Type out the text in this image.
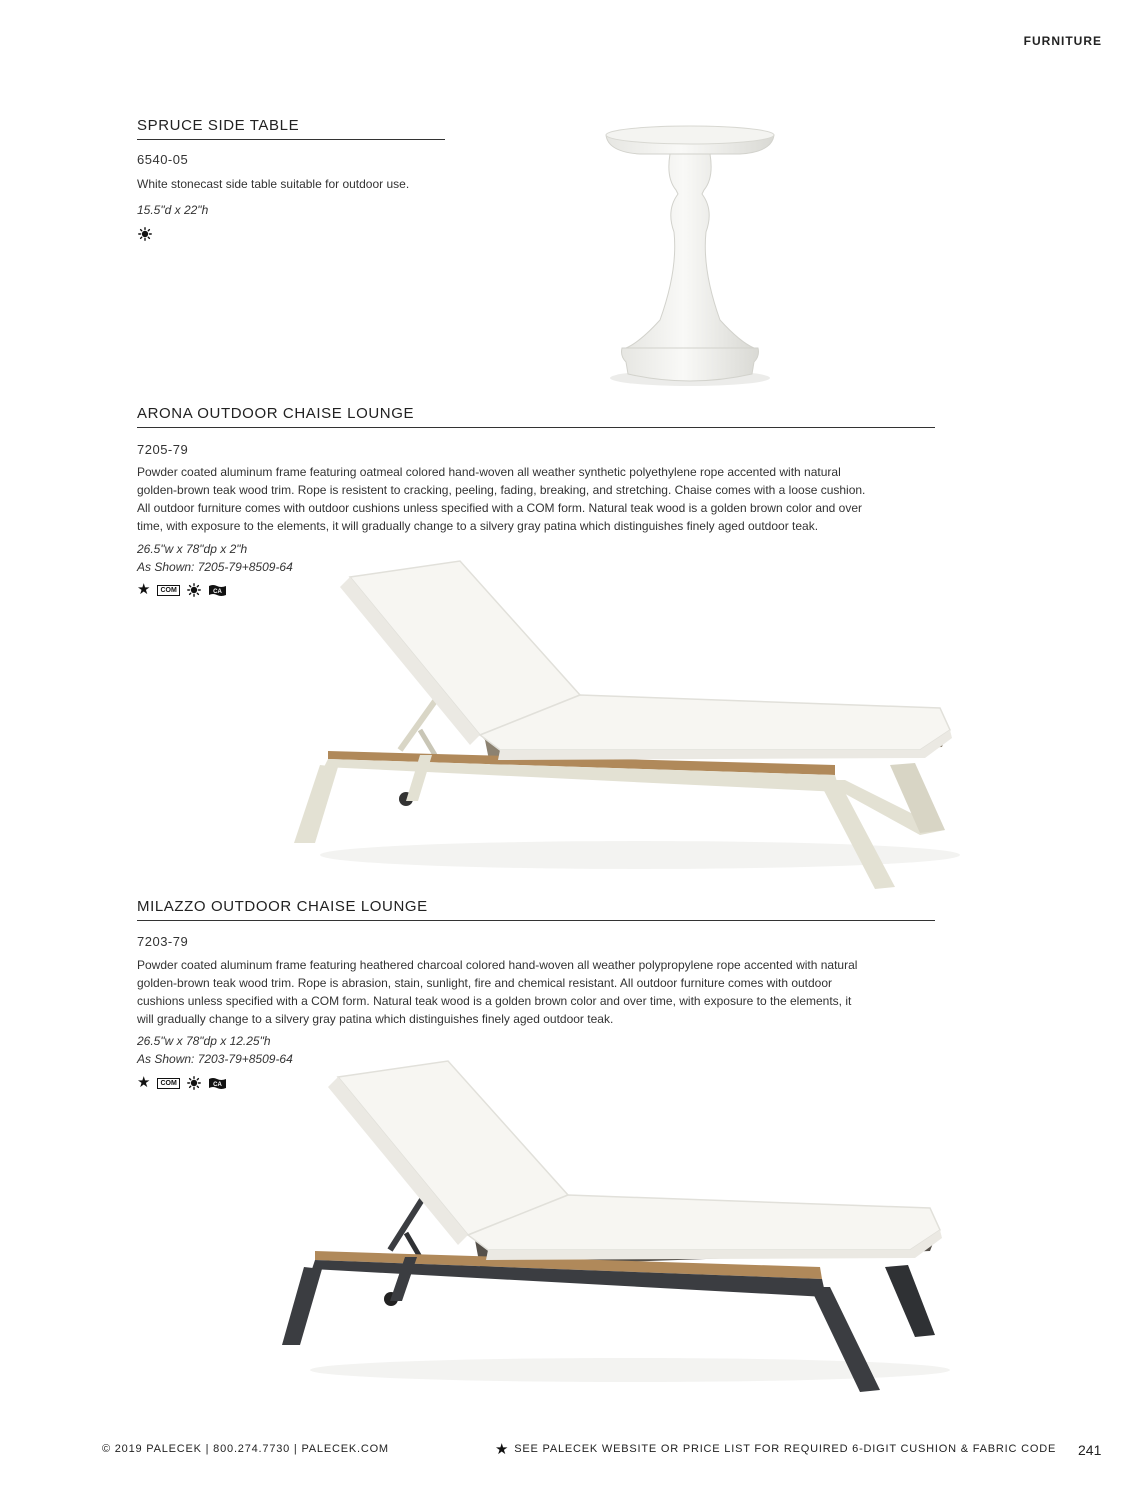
FURNITURE
SPRUCE SIDE TABLE
6540-05
White stonecast side table suitable for outdoor use.
15.5"d x 22"h
ARONA OUTDOOR CHAISE LOUNGE
7205-79
Powder coated aluminum frame featuring oatmeal colored hand-woven all weather synthetic polyethylene rope accented with natural
golden-brown teak wood trim. Rope is resistent to cracking, peeling, fading, breaking, and stretching. Chaise comes with a loose cushion.
All outdoor furniture comes with outdoor cushions unless specified with a COM form. Natural teak wood is a golden brown color and over
time, with exposure to the elements, it will gradually change to a silvery gray patina which distinguishes finely aged outdoor teak.
26.5"w x 78"dp x 2"h
As Shown: 7205-79+8509-64
★	COM	CA
MILAZZO OUTDOOR CHAISE LOUNGE
7203-79
Powder coated aluminum frame featuring heathered charcoal colored hand-woven all weather polypropylene rope accented with natural
golden-brown teak wood trim. Rope is abrasion, stain, sunlight, fire and chemical resistant. All outdoor furniture comes with outdoor
cushions unless specified with a COM form. Natural teak wood is a golden brown color and over time, with exposure to the elements, it
will gradually change to a silvery gray patina which distinguishes finely aged outdoor teak.
26.5"w x 78"dp x 12.25"h
As Shown: 7203-79+8509-64
★	COM	CA
© 2019 PALECEK | 800.274.7730 | PALECEK.COM	★ SEE PALECEK WEBSITE OR PRICE LIST FOR REQUIRED 6-DIGIT CUSHION & FABRIC CODE 241
